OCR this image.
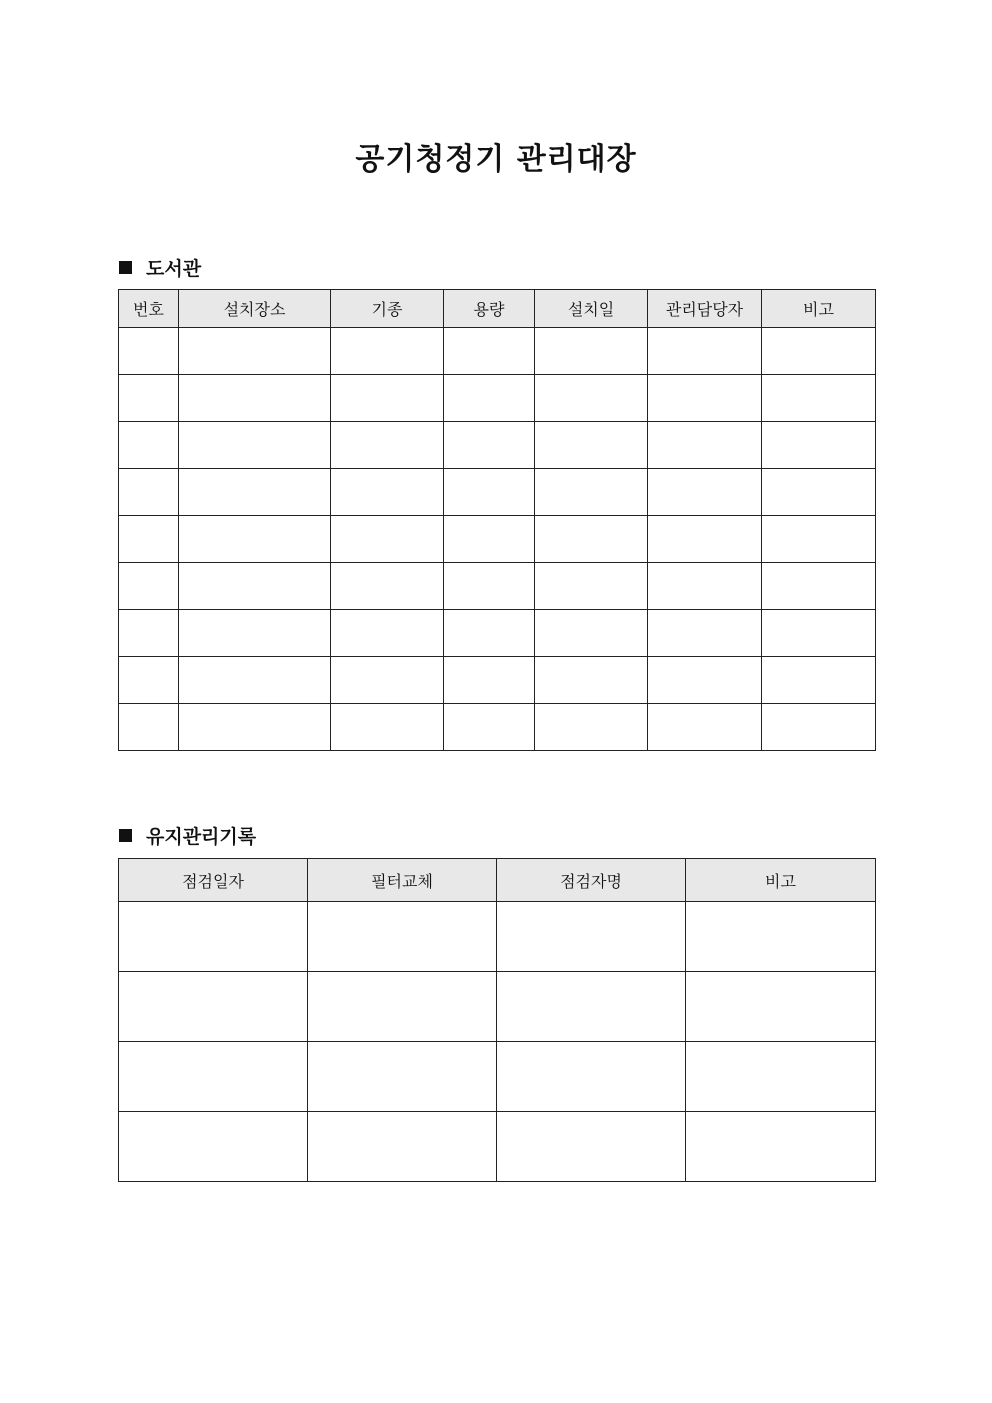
공기청정기 관리대장
도서관
번호	설치장소	기종	용량	설치일	관리담당자	비고

유지관리기록
점검일자	필터교체	점검자명	비고
